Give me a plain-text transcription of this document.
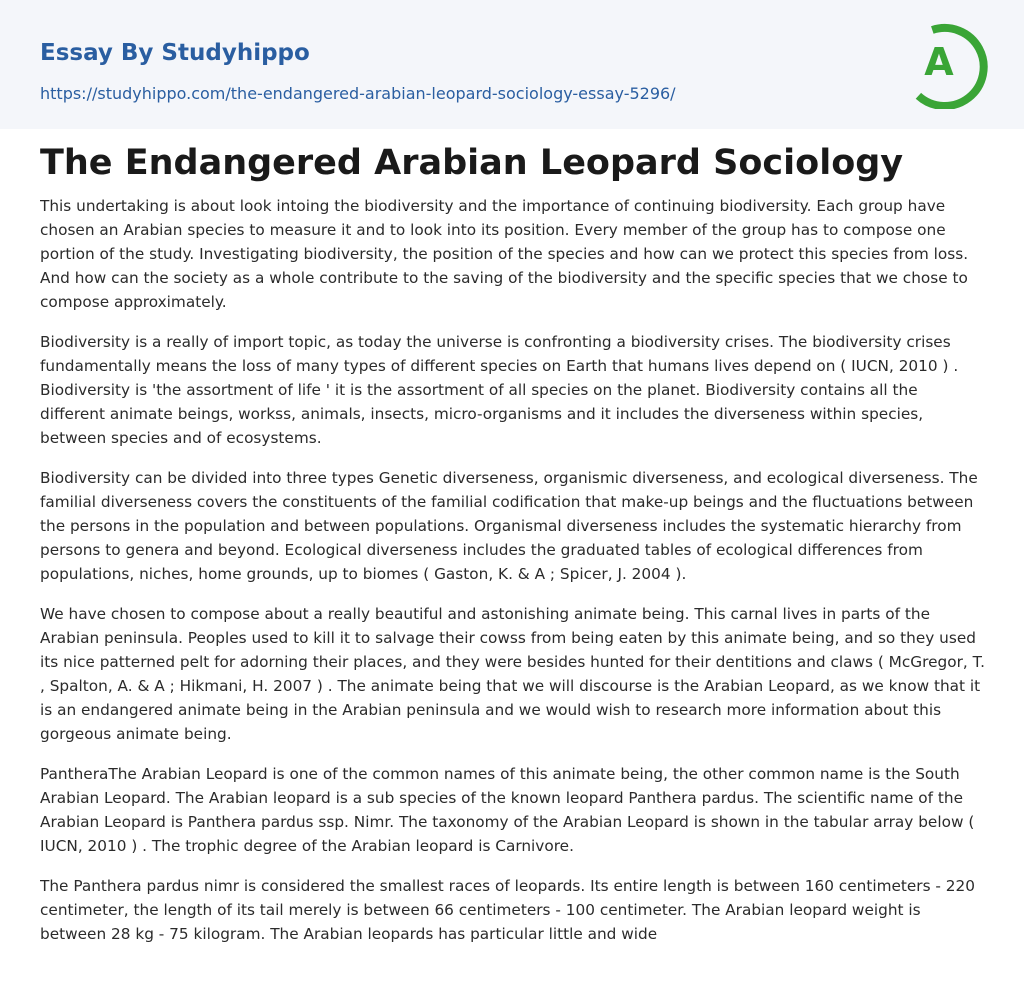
Essay By Studyhippo
https://studyhippo.com/the-endangered-arabian-leopard-sociology-essay-5296/
A
The Endangered Arabian Leopard Sociology

This undertaking is about look intoing the biodiversity and the importance of continuing biodiversity. Each group have chosen an Arabian species to measure it and to look into its position. Every member of the group has to compose one portion of the study. Investigating biodiversity, the position of the species and how can we protect this species from loss. And how can the society as a whole contribute to the saving of the biodiversity and the specific species that we chose to compose approximately.

Biodiversity is a really of import topic, as today the universe is confronting a biodiversity crises. The biodiversity crises fundamentally means the loss of many types of different species on Earth that humans lives depend on ( IUCN, 2010 ) . Biodiversity is 'the assortment of life ' it is the assortment of all species on the planet. Biodiversity contains all the different animate beings, workss, animals, insects, micro-organisms and it includes the diverseness within species, between species and of ecosystems.

Biodiversity can be divided into three types Genetic diverseness, organismic diverseness, and ecological diverseness. The familial diverseness covers the constituents of the familial codification that make-up beings and the fluctuations between the persons in the population and between populations. Organismal diverseness includes the systematic hierarchy from persons to genera and beyond. Ecological diverseness includes the graduated tables of ecological differences from populations, niches, home grounds, up to biomes ( Gaston, K. & A ; Spicer, J. 2004 ).

We have chosen to compose about a really beautiful and astonishing animate being. This carnal lives in parts of the Arabian peninsula. Peoples used to kill it to salvage their cowss from being eaten by this animate being, and so they used its nice patterned pelt for adorning their places, and they were besides hunted for their dentitions and claws ( McGregor, T. , Spalton, A. & A ; Hikmani, H. 2007 ) . The animate being that we will discourse is the Arabian Leopard, as we know that it is an endangered animate being in the Arabian peninsula and we would wish to research more information about this gorgeous animate being.

PantheraThe Arabian Leopard is one of the common names of this animate being, the other common name is the South Arabian Leopard. The Arabian leopard is a sub species of the known leopard Panthera pardus. The scientific name of the Arabian Leopard is Panthera pardus ssp. Nimr. The taxonomy of the Arabian Leopard is shown in the tabular array below ( IUCN, 2010 ) . The trophic degree of the Arabian leopard is Carnivore.

The Panthera pardus nimr is considered the smallest races of leopards. Its entire length is between 160 centimeters - 220 centimeter, the length of its tail merely is between 66 centimeters - 100 centimeter. The Arabian leopard weight is between 28 kg - 75 kilogram. The Arabian leopards has particular little and wide
